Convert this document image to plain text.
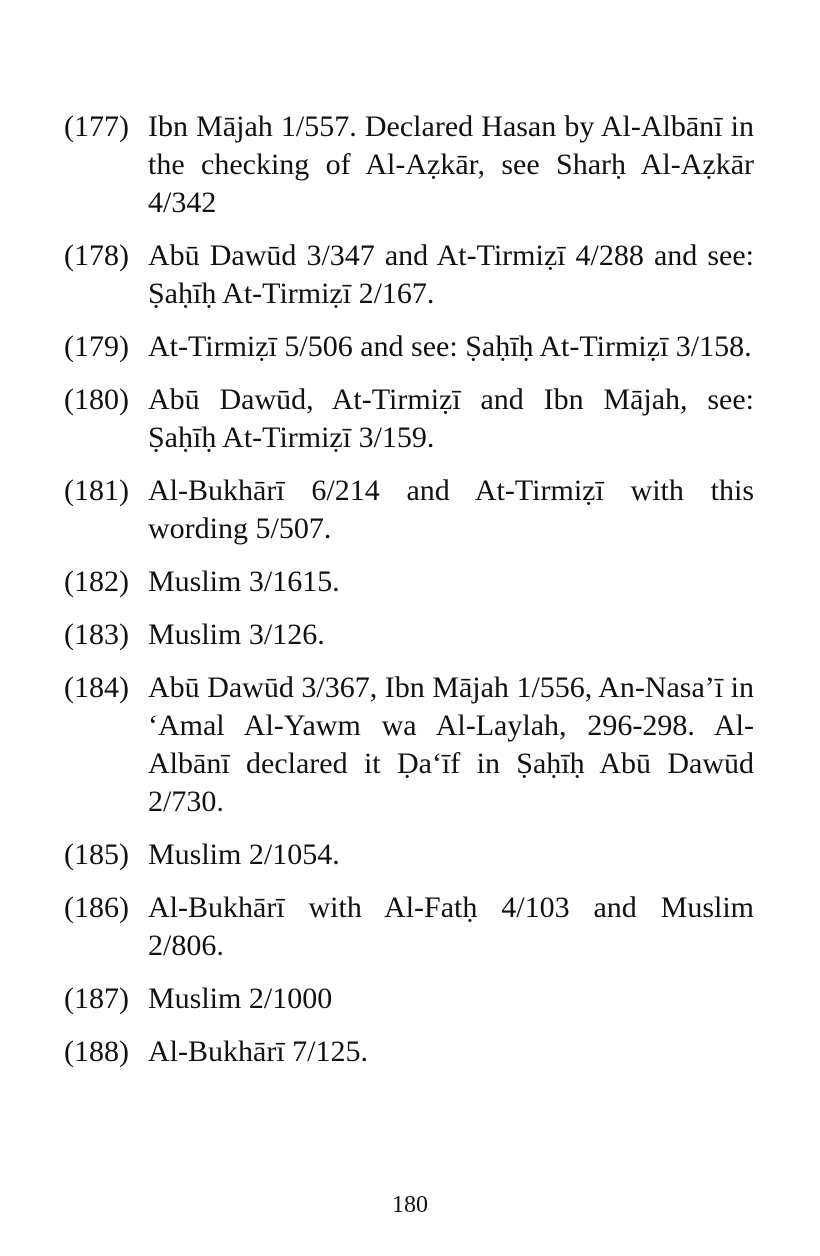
(177) Ibn Mājah 1/557. Declared Hasan by Al-Albānī in the checking of Al-Aẓkār, see Sharḥ Al-Aẓkār 4/342
(178) Abū Dawūd 3/347 and At-Tirmiẓī 4/288 and see: Ṣaḥīḥ At-Tirmiẓī 2/167.
(179) At-Tirmiẓī 5/506 and see: Ṣaḥīḥ At-Tirmiẓī 3/158.
(180) Abū Dawūd, At-Tirmiẓī and Ibn Mājah, see: Ṣaḥīḥ At-Tirmiẓī 3/159.
(181) Al-Bukhārī 6/214 and At-Tirmiẓī with this wording 5/507.
(182) Muslim 3/1615.
(183) Muslim 3/126.
(184) Abū Dawūd 3/367, Ibn Mājah 1/556, An-Nasa’ī in ‘Amal Al-Yawm wa Al-Laylah, 296-298. Al-Albānī declared it Ḍa‘īf in Ṣaḥīḥ Abū Dawūd 2/730.
(185) Muslim 2/1054.
(186) Al-Bukhārī with Al-Fatḥ 4/103 and Muslim 2/806.
(187) Muslim 2/1000
(188) Al-Bukhārī 7/125.
180
